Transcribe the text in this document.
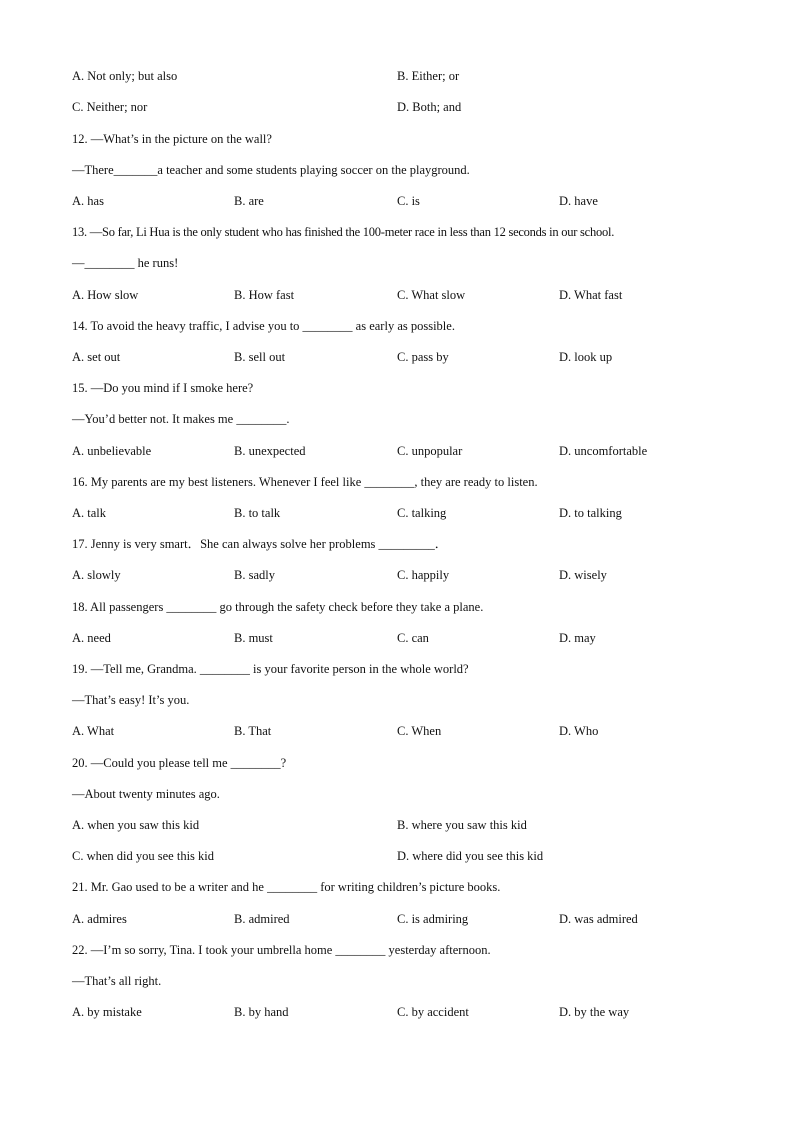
A. Not only; but also	B. Either; or
C. Neither; nor	D. Both; and
12. —What’s in the picture on the wall?
—There_______a teacher and some students playing soccer on the playground.
A. has	B. are	C. is	D. have
13. —So far, Li Hua is the only student who has finished the 100-meter race in less than 12 seconds in our school.
—________ he runs!
A. How slow	B. How fast	C. What slow	D. What fast
14. To avoid the heavy traffic, I advise you to ________ as early as possible.
A. set out	B. sell out	C. pass by	D. look up
15. —Do you mind if I smoke here?
—You’d better not. It makes me ________.
A. unbelievable	B. unexpected	C. unpopular	D. uncomfortable
16. My parents are my best listeners. Whenever I feel like ________, they are ready to listen.
A. talk	B. to talk	C. talking	D. to talking
17. Jenny is very smart．She can always solve her problems _________．
A. slowly	B. sadly	C. happily	D. wisely
18. All passengers ________ go through the safety check before they take a plane.
A. need	B. must	C. can	D. may
19. —Tell me, Grandma. ________ is your favorite person in the whole world?
—That’s easy! It’s you.
A. What	B. That	C. When	D. Who
20. —Could you please tell me ________?
—About twenty minutes ago.
A. when you saw this kid	B. where you saw this kid
C. when did you see this kid	D. where did you see this kid
21. Mr. Gao used to be a writer and he ________ for writing children’s picture books.
A. admires	B. admired	C. is admiring	D. was admired
22. —I’m so sorry, Tina. I took your umbrella home ________ yesterday afternoon.
—That’s all right.
A. by mistake	B. by hand	C. by accident	D. by the way
